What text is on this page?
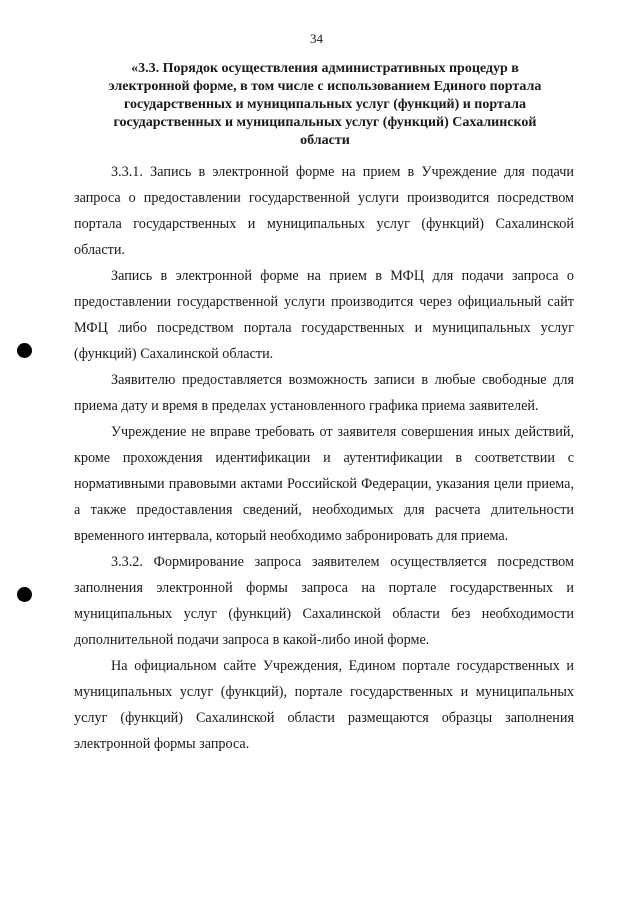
34
«3.3. Порядок осуществления административных процедур в электронной форме, в том числе с использованием Единого портала государственных и муниципальных услуг (функций) и портала государственных и муниципальных услуг (функций) Сахалинской области

3.3.1. Запись в электронной форме на прием в Учреждение для подачи запроса о предоставлении государственной услуги производится посредством портала государственных и муниципальных услуг (функций) Сахалинской области.

Запись в электронной форме на прием в МФЦ для подачи запроса о предоставлении государственной услуги производится через официальный сайт МФЦ либо посредством портала государственных и муниципальных услуг (функций) Сахалинской области.

Заявителю предоставляется возможность записи в любые свободные для приема дату и время в пределах установленного графика приема заявителей.

Учреждение не вправе требовать от заявителя совершения иных действий, кроме прохождения идентификации и аутентификации в соответствии с нормативными правовыми актами Российской Федерации, указания цели приема, а также предоставления сведений, необходимых для расчета длительности временного интервала, который необходимо забронировать для приема.

3.3.2. Формирование запроса заявителем осуществляется посредством заполнения электронной формы запроса на портале государственных и муниципальных услуг (функций) Сахалинской области без необходимости дополнительной подачи запроса в какой-либо иной форме.

На официальном сайте Учреждения, Едином портале государственных и муниципальных услуг (функций), портале государственных и муниципальных услуг (функций) Сахалинской области размещаются образцы заполнения электронной формы запроса.
